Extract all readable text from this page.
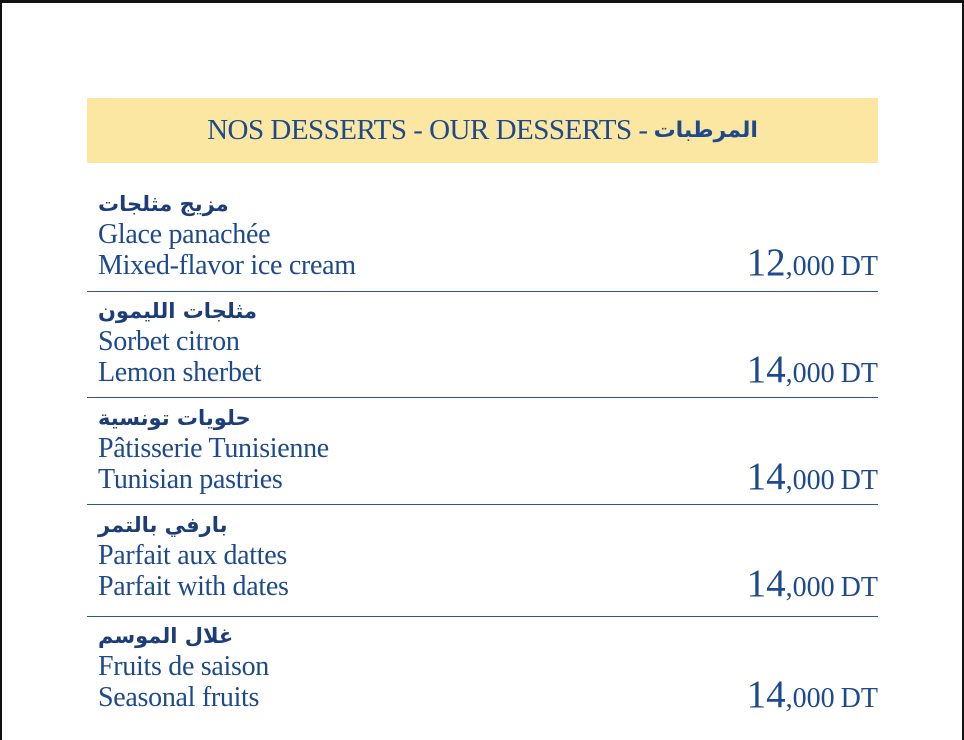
NOS DESSERTS - OUR DESSERTS - المرطبات
مزيج مثلجات
Glace panachée
Mixed-flavor ice cream	12,000 DT
مثلجات الليمون
Sorbet citron
Lemon sherbet	14,000 DT
حلويات تونسية
Pâtisserie Tunisienne
Tunisian pastries	14,000 DT
بارفي بالتمر
Parfait aux dattes
Parfait with dates	14,000 DT
غلال الموسم
Fruits de saison
Seasonal fruits	14,000 DT
